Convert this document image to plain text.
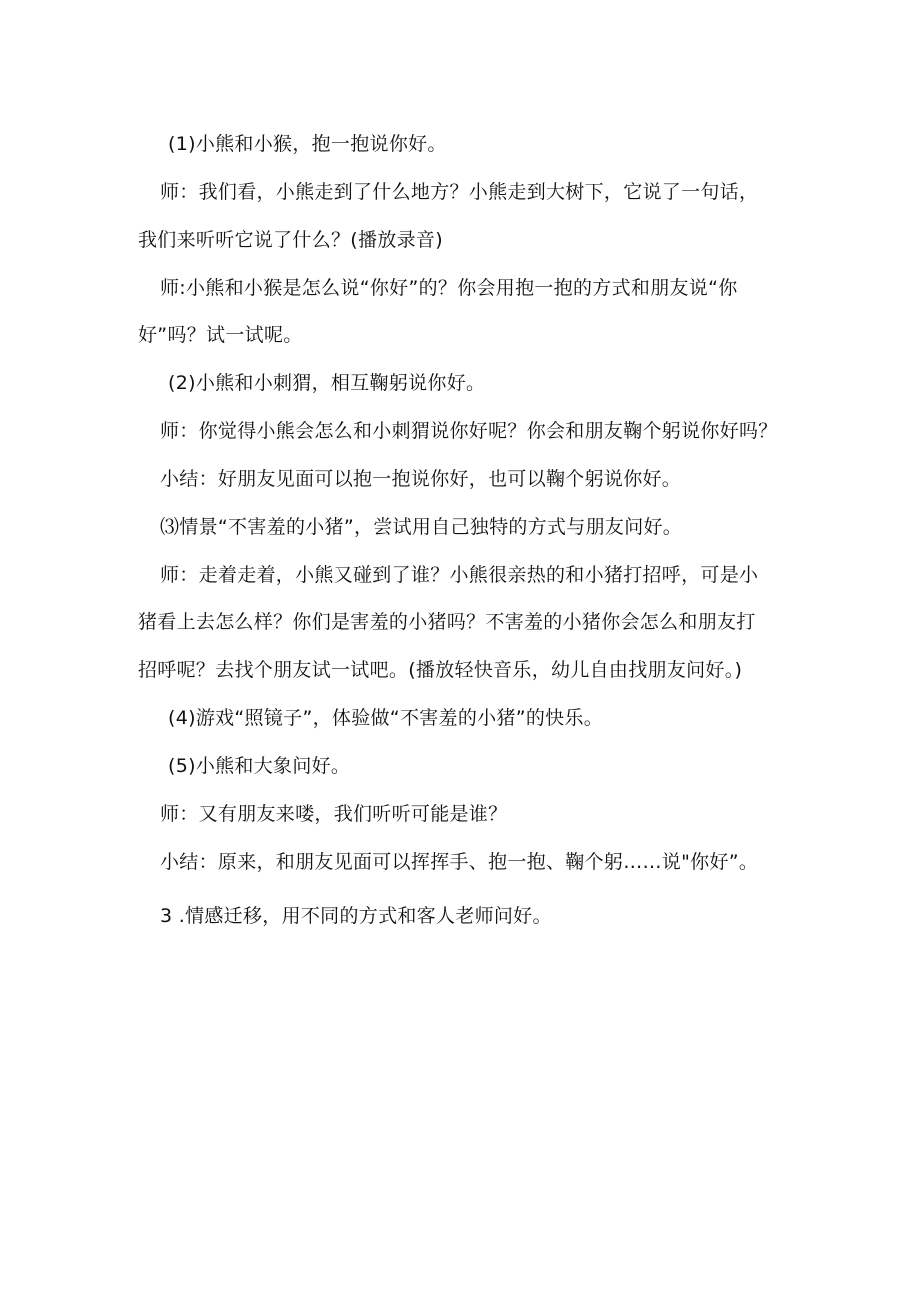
(1)小熊和小猴，抱一抱说你好。
师：我们看，小熊走到了什么地方？小熊走到大树下，它说了一句话，
我们来听听它说了什么？(播放录音)
师:小熊和小猴是怎么说“你好”的？你会用抱一抱的方式和朋友说“你
好”吗？试一试呢。
(2)小熊和小刺猬，相互鞠躬说你好。
师：你觉得小熊会怎么和小刺猬说你好呢？你会和朋友鞠个躬说你好吗？
小结：好朋友见面可以抱一抱说你好，也可以鞠个躬说你好。
⑶情景“不害羞的小猪”，尝试用自己独特的方式与朋友问好。
师：走着走着，小熊又碰到了谁？小熊很亲热的和小猪打招呼，可是小
猪看上去怎么样？你们是害羞的小猪吗？不害羞的小猪你会怎么和朋友打
招呼呢？去找个朋友试一试吧。(播放轻快音乐，幼儿自由找朋友问好。)
(4)游戏“照镜子”，体验做“不害羞的小猪”的快乐。
(5)小熊和大象问好。
师：又有朋友来喽，我们听听可能是谁？
小结：原来，和朋友见面可以挥挥手、抱一抱、鞠个躬……说"你好”。
3 .情感迁移，用不同的方式和客人老师问好。
